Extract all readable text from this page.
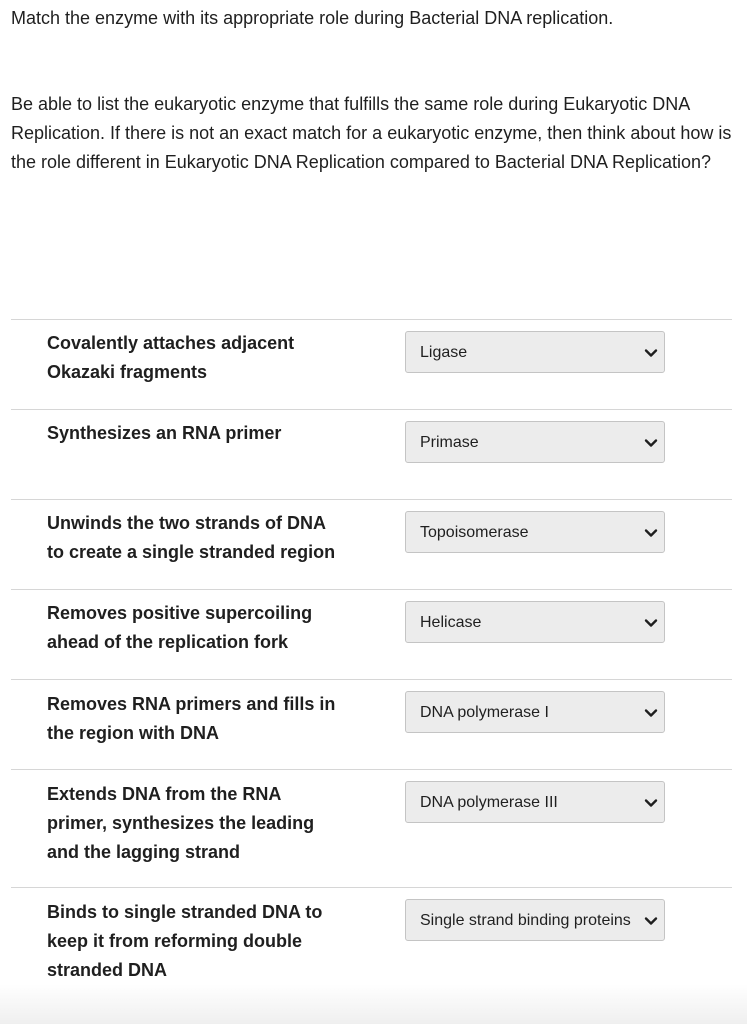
Match the enzyme with its appropriate role during Bacterial DNA replication.

Be able to list the eukaryotic enzyme that fulfills the same role during Eukaryotic DNA Replication. If there is not an exact match for a eukaryotic enzyme, then think about how is the role different in Eukaryotic DNA Replication compared to Bacterial DNA Replication?

Covalently attaches adjacent Okazaki fragments
Ligase
Synthesizes an RNA primer	Primase
Unwinds the two strands of DNA to create a single stranded region
Topoisomerase
Removes positive supercoiling ahead of the replication fork
Helicase
Removes RNA primers and fills in the region with DNA
DNA polymerase I
Extends DNA from the RNA primer, synthesizes the leading and the lagging strand
DNA polymerase III
Binds to single stranded DNA to keep it from reforming double stranded DNA
Single strand binding proteins
